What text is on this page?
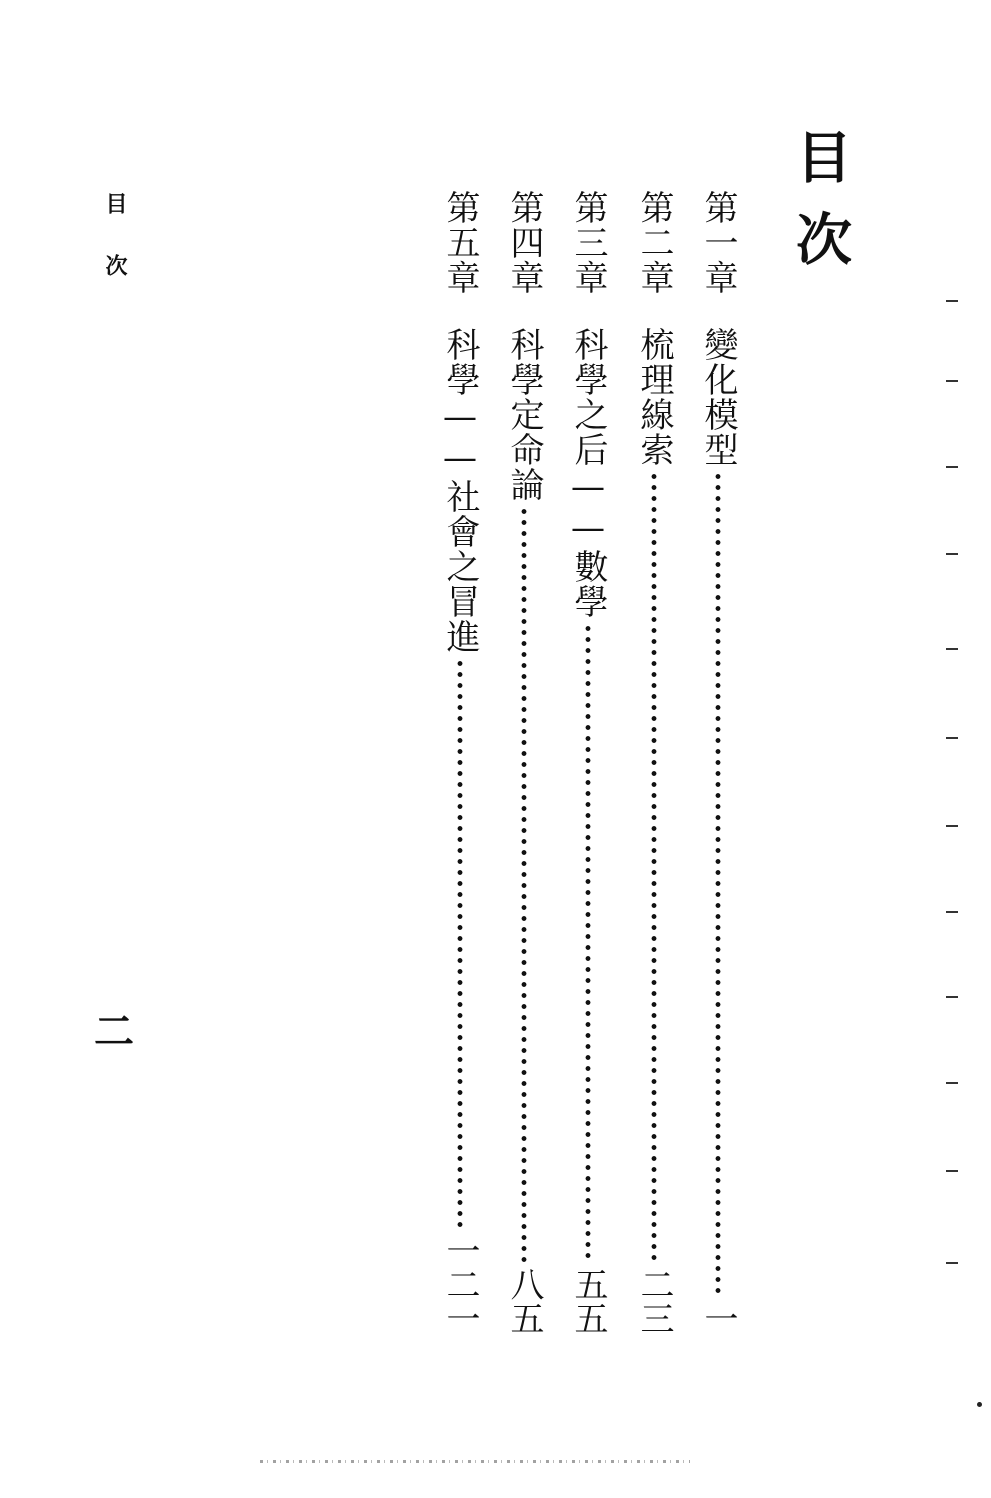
目次
第一章
變化模型
一
第二章
梳理線索
二三
第三章
科學之后——數學
五五
第四章
科學定命論
八五
第五章
科學——社會之冒進
一二一
目次
二
